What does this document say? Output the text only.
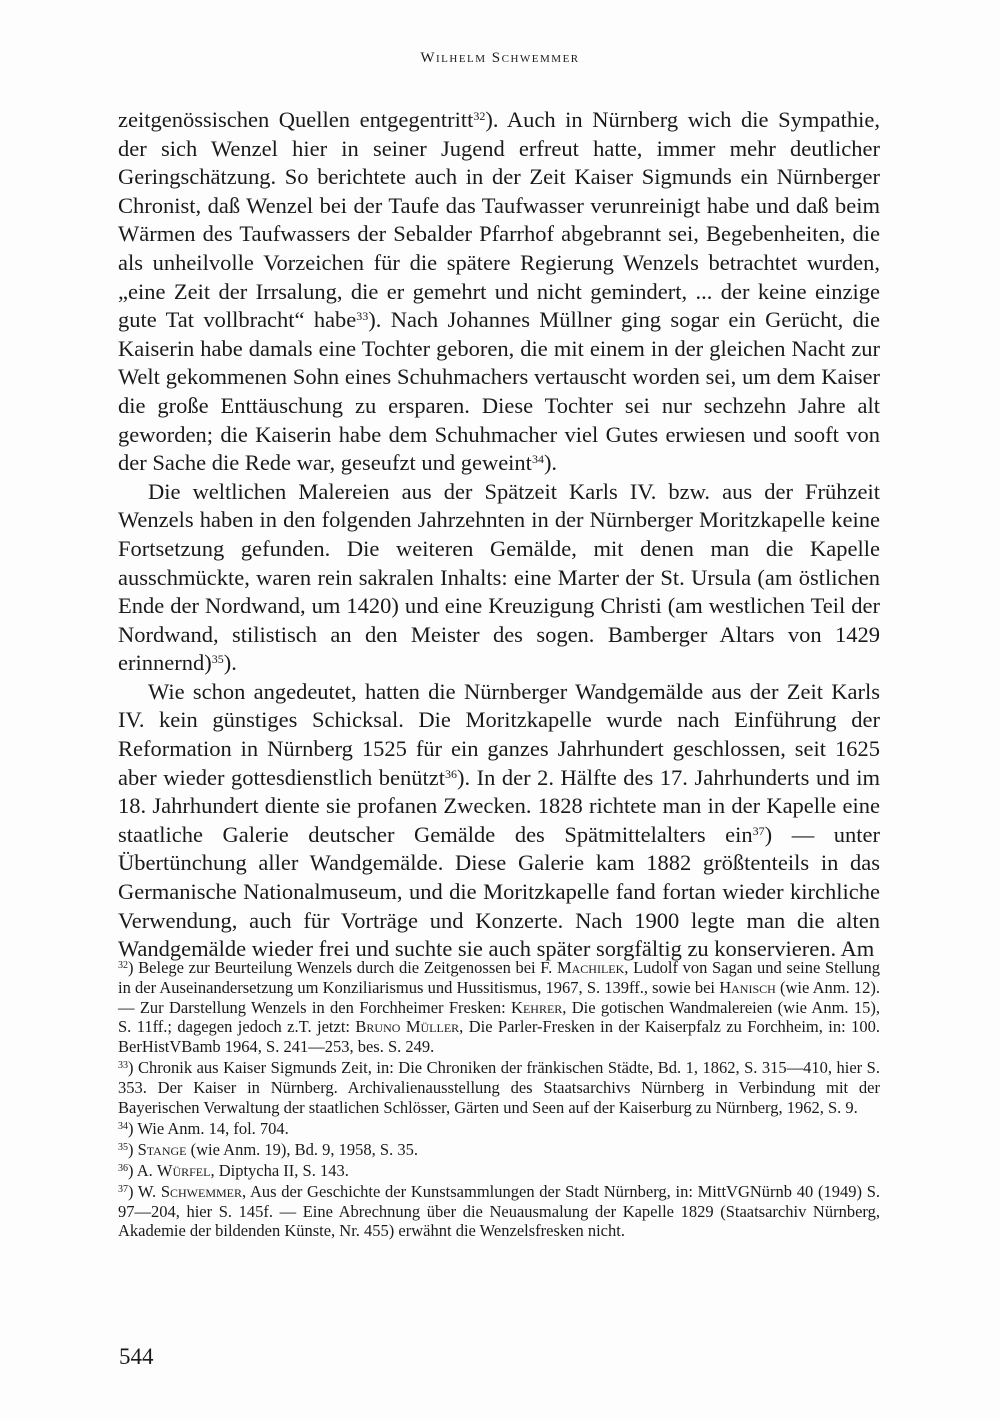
Wilhelm Schwemmer

zeitgenössischen Quellen entgegentritt$^{32}$). Auch in Nürnberg wich die Sympathie, der sich Wenzel hier in seiner Jugend erfreut hatte, immer mehr deutlicher Geringschätzung. So berichtete auch in der Zeit Kaiser Sigmunds ein Nürnberger Chronist, daß Wenzel bei der Taufe das Taufwasser verunreinigt habe und daß beim Wärmen des Taufwassers der Sebalder Pfarrhof abgebrannt sei, Begebenheiten, die als unheilvolle Vorzeichen für die spätere Regierung Wenzels betrachtet wurden, „eine Zeit der Irrsalung, die er gemehrt und nicht gemindert, ... der keine einzige gute Tat vollbracht“ habe$^{33}$). Nach Johannes Müllner ging sogar ein Gerücht, die Kaiserin habe damals eine Tochter geboren, die mit einem in der gleichen Nacht zur Welt gekommenen Sohn eines Schuhmachers vertauscht worden sei, um dem Kaiser die große Enttäuschung zu ersparen. Diese Tochter sei nur sechzehn Jahre alt geworden; die Kaiserin habe dem Schuhmacher viel Gutes erwiesen und sooft von der Sache die Rede war, geseufzt und geweint$^{34}$).

Die weltlichen Malereien aus der Spätzeit Karls IV. bzw. aus der Frühzeit Wenzels haben in den folgenden Jahrzehnten in der Nürnberger Moritzkapelle keine Fortsetzung gefunden. Die weiteren Gemälde, mit denen man die Kapelle ausschmückte, waren rein sakralen Inhalts: eine Marter der St. Ursula (am östlichen Ende der Nordwand, um 1420) und eine Kreuzigung Christi (am westlichen Teil der Nordwand, stilistisch an den Meister des sogen. Bamberger Altars von 1429 erinnernd)$^{35}$).

Wie schon angedeutet, hatten die Nürnberger Wandgemälde aus der Zeit Karls IV. kein günstiges Schicksal. Die Moritzkapelle wurde nach Einführung der Reformation in Nürnberg 1525 für ein ganzes Jahrhundert geschlossen, seit 1625 aber wieder gottesdienstlich benützt$^{36}$). In der 2. Hälfte des 17. Jahrhunderts und im 18. Jahrhundert diente sie profanen Zwecken. 1828 richtete man in der Kapelle eine staatliche Galerie deutscher Gemälde des Spätmittelalters ein$^{37}$) — unter Übertünchung aller Wandgemälde. Diese Galerie kam 1882 größtenteils in das Germanische Nationalmuseum, und die Moritzkapelle fand fortan wieder kirchliche Verwendung, auch für Vorträge und Konzerte. Nach 1900 legte man die alten Wandgemälde wieder frei und suchte sie auch später sorgfältig zu konservieren. Am

$^{32}$) Belege zur Beurteilung Wenzels durch die Zeitgenossen bei F. Machilek, Ludolf von Sagan und seine Stellung in der Auseinandersetzung um Konziliarismus und Hussitismus, 1967, S. 139ff., sowie bei Hanisch (wie Anm. 12). — Zur Darstellung Wenzels in den Forchheimer Fresken: Kehrer, Die gotischen Wandmalereien (wie Anm. 15), S. 11ff.; dagegen jedoch z.T. jetzt: Bruno Müller, Die Parler-Fresken in der Kaiserpfalz zu Forchheim, in: 100. BerHistVBamb 1964, S. 241—253, bes. S. 249.

$^{33}$) Chronik aus Kaiser Sigmunds Zeit, in: Die Chroniken der fränkischen Städte, Bd. 1, 1862, S. 315—410, hier S. 353. Der Kaiser in Nürnberg. Archivalienausstellung des Staatsarchivs Nürnberg in Verbindung mit der Bayerischen Verwaltung der staatlichen Schlösser, Gärten und Seen auf der Kaiserburg zu Nürnberg, 1962, S. 9.

$^{34}$) Wie Anm. 14, fol. 704.

$^{35}$) Stange (wie Anm. 19), Bd. 9, 1958, S. 35.

$^{36}$) A. Würfel, Diptycha II, S. 143.

$^{37}$) W. Schwemmer, Aus der Geschichte der Kunstsammlungen der Stadt Nürnberg, in: MittVGNürnb 40 (1949) S. 97—204, hier S. 145f. — Eine Abrechnung über die Neuausmalung der Kapelle 1829 (Staatsarchiv Nürnberg, Akademie der bildenden Künste, Nr. 455) erwähnt die Wenzelsfresken nicht.

544
